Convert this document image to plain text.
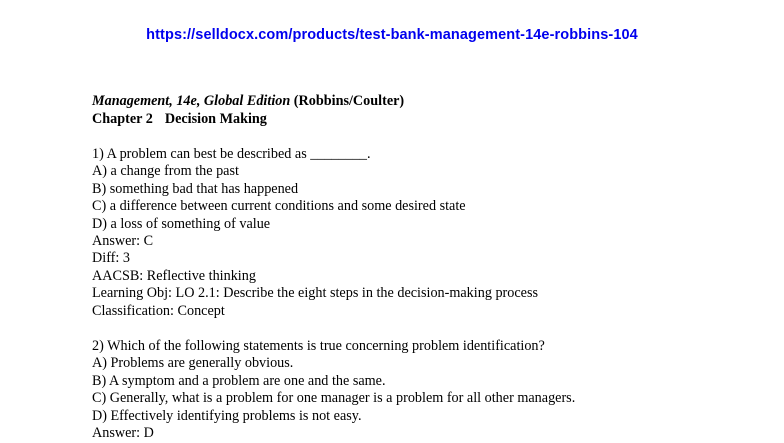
https://selldocx.com/products/test-bank-management-14e-robbins-104
Management, 14e, Global Edition (Robbins/Coulter)
Chapter 2 Decision Making
1) A problem can best be described as ________.
A) a change from the past
B) something bad that has happened
C) a difference between current conditions and some desired state
D) a loss of something of value
Answer: C
Diff: 3
AACSB: Reflective thinking
Learning Obj: LO 2.1: Describe the eight steps in the decision-making process
Classification: Concept
2) Which of the following statements is true concerning problem identification?
A) Problems are generally obvious.
B) A symptom and a problem are one and the same.
C) Generally, what is a problem for one manager is a problem for all other managers.
D) Effectively identifying problems is not easy.
Answer: D
